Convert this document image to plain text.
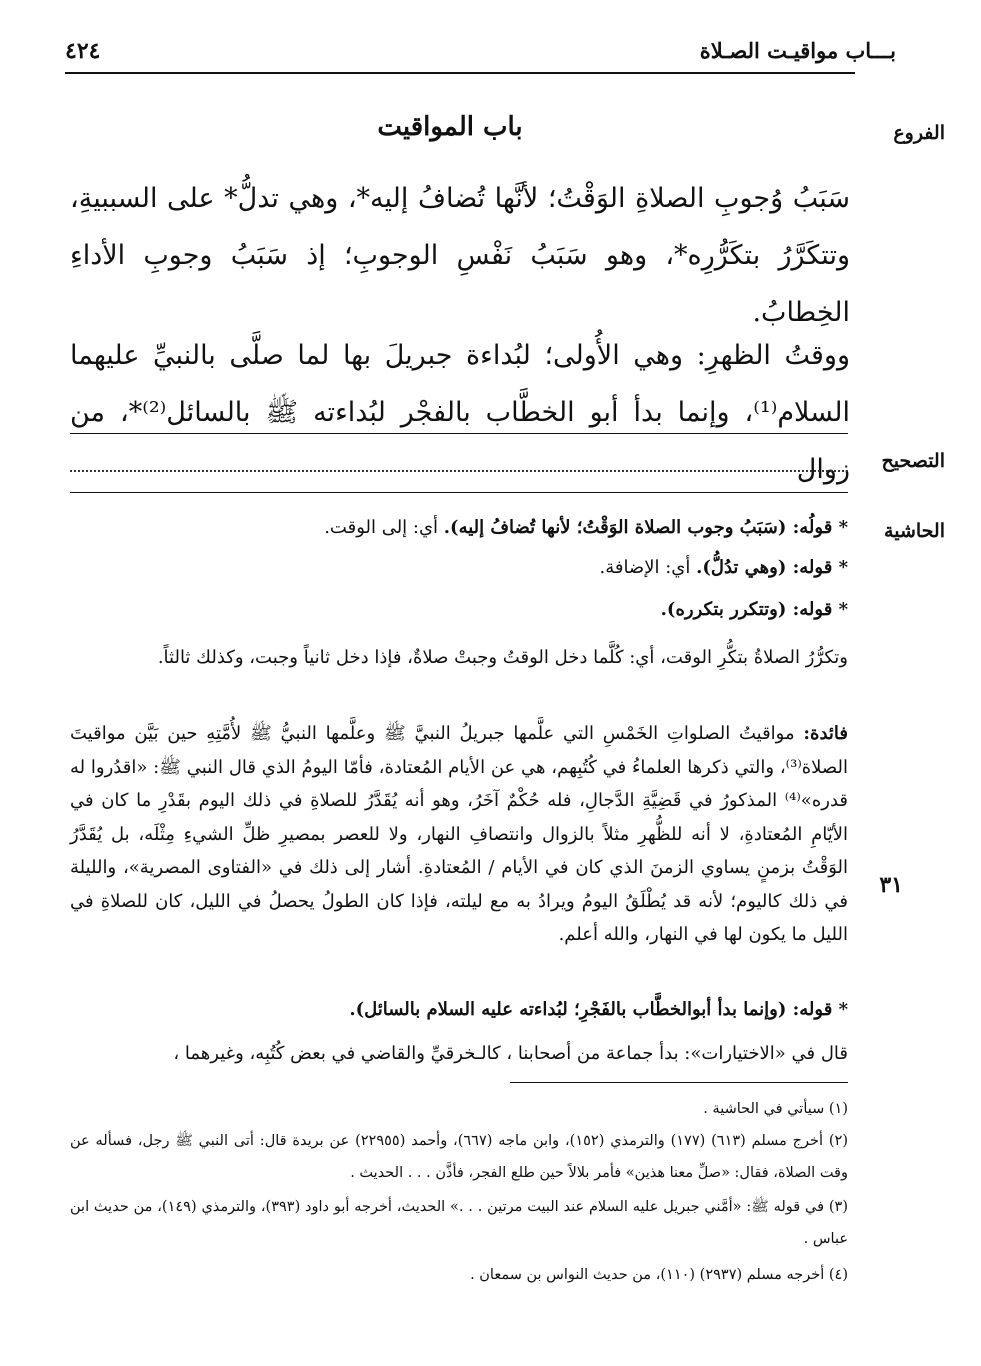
بـــاب مواقيـت الصـلاة
٤٢٤
الفروع
التصحيح
الحاشية
٣١
باب المواقيت
سَبَبُ وُجوبِ الصلاةِ الوَقْتُ؛ لأنَّها تُضافُ إليه*، وهي تدلُّ* على السببيةِ، وتتكَرَّرُ بتكَرُّرِه*، وهو سَبَبُ نَفْسِ الوجوبِ؛ إذ سَبَبُ وجوبِ الأداءِ الخِطابُ.
ووقتُ الظهرِ: وهي الأُولى؛ لبُداءة جبريلَ بها لما صلَّى بالنبيِّ عليهما السلام⁽¹⁾، وإنما بدأ أبو الخطَّاب بالفجْر لبُداءته ﷺ بالسائل⁽²⁾*، من زوال
* قولُه: (سَبَبُ وجوب الصلاة الوَقْتُ؛ لأنها تُضافُ إليه). أي: إلى الوقت.
* قوله: (وهي تدُلُّ). أي: الإضافة.
* قوله: (وتتكرر بتكرره).
وتكرُّرُ الصلاةُ بتكُّرِ الوقت، أي: كُلَّما دخل الوقتُ وجبتْ صلاةٌ، فإذا دخل ثانياً وجبت، وكذلك ثالثاً.
فائدة: مواقيتُ الصلواتِ الخَمْسِ التي علَّمها جبريلُ النبيَّ ﷺ وعلَّمها النبيُّ ﷺ لأُمَّتِهِ حين بَيَّن مواقيتَ الصلاة⁽³⁾، والتي ذكرها العلماءُ في كُتُبِهم، هي عن الأيام المُعتادة، فأمّا اليومُ الذي قال النبي ﷺ: «اقدُروا له قدره»⁽⁴⁾ المذكورُ في قَضِيَّةِ الدَّجالِ، فله حُكْمٌ آخَرُ، وهو أنه يُقَدَّرُ للصلاةِ في ذلك اليوم بقَدْرِ ما كان في الأيّامِ المُعتادةِ، لا أنه للظُّهرِ مثلاً بالزوال وانتصافِ النهار، ولا للعصر بمصيرِ ظلِّ الشيءِ مِثْلَه، بل يُقَدَّرُ الوَقْتُ بزمنٍ يساوي الزمنَ الذي كان في الأيام / المُعتادةِ. أشار إلى ذلك في «الفتاوى المصرية»، والليلة في ذلك كاليوم؛ لأنه قد يُطْلَقُ اليومُ ويرادُ به مع ليلته، فإذا كان الطولُ يحصلُ في الليل، كان للصلاةِ في الليل ما يكون لها في النهار، والله أعلم.
* قوله: (وإنما بدأ أبوالخطَّاب بالفَجْرِ؛ لبُداءته عليه السلام بالسائل).
قال في «الاختيارات»: بدأ جماعة من أصحابنا ، كالـخرقيِّ والقاضي في بعض كُتُبِه، وغيرهما ،
(١) سيأتي في الحاشية .
(٢) أخرج مسلم (٦١٣) (١٧٧) والترمذي (١٥٢)، وابن ماجه (٦٦٧)، وأحمد (٢٢٩٥٥) عن بريدة قال: أتى النبي ﷺ رجل، فسأله عن وقت الصلاة، فقال: «صلِّ معنا هذين» فأمر بلالاً حين طلع الفجر، فأذَّن . . . الحديث .
(٣) في قوله ﷺ: «أمَّني جبريل عليه السلام عند البيت مرتين . . .» الحديث، أخرجه أبو داود (٣٩٣)، والترمذي (١٤٩)، من حديث ابن عباس .
(٤) أخرجه مسلم (٢٩٣٧) (١١٠)، من حديث النواس بن سمعان .
